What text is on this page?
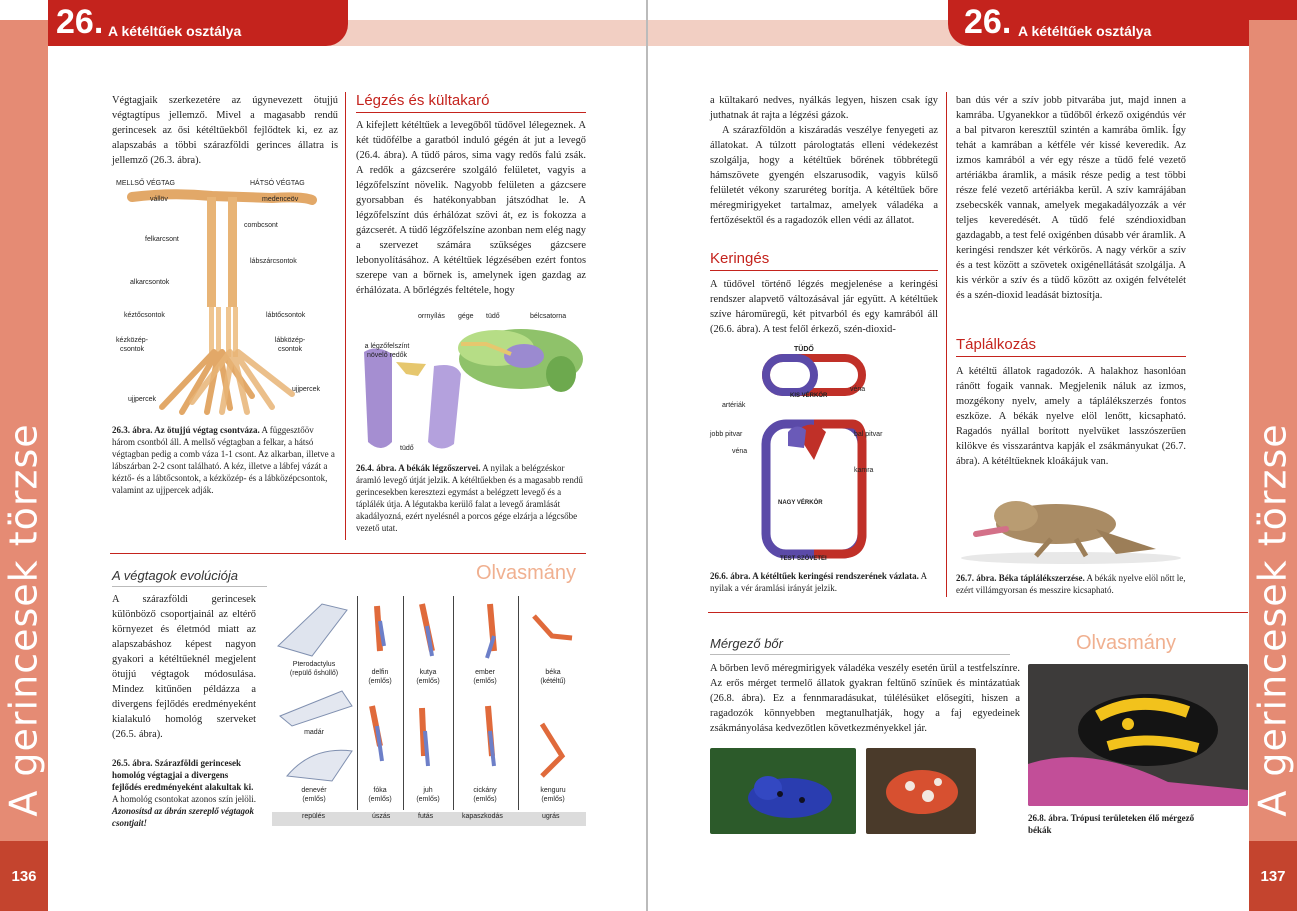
26. A kétéltűek osztálya
A gerincesek törzse
136
Végtagjaik szerkezetére az úgynevezett ötujjú végtagtípus jellemző. Mivel a magasabb rendű gerincesek az ősi kétéltűekből fejlődtek ki, ez az alapszabás a többi szárazföldi gerinces állatra is jellemző (26.3. ábra).
MELLSŐ VÉGTAG	HÁTSÓ VÉGTAG
vállöv	medenceöv
combcsont
felkarcsont
lábszárcsontok
alkarcsontok
kéztőcsontok	lábtőcsontok
kézközép-csontok
lábközép-csontok
ujjpercek
ujjpercek
26.3. ábra. Az ötujjú végtag csontváza. A függesztőöv három csontból áll. A mellső végtagban a felkar, a hátsó végtagban pedig a comb váza 1-1 csont. Az alkarban, illetve a lábszárban 2-2 csont található. A kéz, illetve a lábfej vázát a kéztő- és a lábtőcsontok, a kézközép- és a lábközépcsontok, valamint az ujjpercek adják.
Légzés és kültakaró
A kifejlett kétéltűek a levegőből tüdővel lélegeznek. A két tüdőfélbe a garatból induló gégén át jut a levegő (26.4. ábra). A tüdő páros, sima vagy redős falú zsák. A redők a gázcserére szolgáló felületet, vagyis a légzőfelszínt növelik. Nagyobb felületen a gázcsere gyorsabban és hatékonyabban játszódhat le. A légzőfelszínt dús érhálózat szövi át, ez is fokozza a gázcserét. A tüdő légzőfelszíne azonban nem elég nagy a szervezet számára szükséges gázcsere lebonyolításához. A kétéltűek légzésében ezért fontos szerepe van a bőrnek is, amelynek igen gazdag az érhálózata. A bőrlégzés feltétele, hogy
orrnyílás gége tüdő	bélcsatorna
a légzőfelszínt növelő redők
tüdő
26.4. ábra. A békák légzőszervei. A nyilak a belégzéskor áramló levegő útját jelzik. A kétéltűekben és a magasabb rendű gerincesekben keresztezi egymást a belégzett levegő és a táplálék útja. A légutakba kerülő falat a levegő áramlását akadályozná, ezért nyelésnél a porcos gége elzárja a légcsőbe vezető utat.
A végtagok evolúciója	Olvasmány
A szárazföldi gerincesek különböző csoportjainál az eltérő környezet és életmód miatt az alapszabáshoz képest nagyon gyakori a kétéltűeknél megjelent ötujjú végtagok módosulása. Mindez kitűnően példázza a divergens fejlődés eredményeként kialakuló homológ szerveket (26.5. ábra).
26.5. ábra. Szárazföldi gerincesek homológ végtagjai a divergens fejlődés eredményeként alakultak ki. A homológ csontokat azonos szín jelöli. Azonosítsd az ábrán szereplő végtagok csontjait!
Pterodactylus
(repülő őshüllő)	delfin
(emlős)
kutya
(emlős)
ember
(emlős)
béka
(kétéltű)
madár
denevér
(emlős)
fóka
(emlős)
juh
(emlős)
cickány
(emlős)
kenguru
(emlős)
repülés	úszás	futás	kapaszkodás	ugrás
26. A kétéltűek osztálya
A gerincesek törzse
137
a kültakaró nedves, nyálkás legyen, hiszen csak így juthatnak át rajta a légzési gázok.
A szárazföldön a kiszáradás veszélye fenyegeti az állatokat. A túlzott párologtatás elleni védekezést szolgálja, hogy a kétéltűek bőrének többrétegű hámszövete gyengén elszarusodik, vagyis külső felületét vékony szaruréteg borítja. A kétéltűek bőre méregmirigyeket tartalmaz, amelyek váladéka a fertőzésektől és a ragadozók ellen védi az állatot.
Keringés
A tüdővel történő légzés megjelenése a keringési rendszer alapvető változásával jár együtt. A kétéltűek szíve háromüregű, két pitvarból és egy kamrából áll (26.6. ábra). A test felől érkező, szén-dioxid-
TÜDŐ
KIS VÉRKÖR
véna
artériák
jobb pitvar	bal pitvar
véna
kamra
NAGY VÉRKÖR
TEST SZÖVETEI
26.6. ábra. A kétéltűek keringési rendszerének vázlata. A nyilak a vér áramlási irányát jelzik.
ban dús vér a szív jobb pitvarába jut, majd innen a kamrába. Ugyanekkor a tüdőből érkező oxigéndús vér a bal pitvaron keresztül szintén a kamrába ömlik. Így tehát a kamrában a kétféle vér kissé keveredik. Az izmos kamrából a vér egy része a tüdő felé vezető artériákba áramlik, a másik része pedig a test többi része felé vezető artériákba kerül. A szív kamrájában zsebecskék vannak, amelyek megakadályozzák a vér teljes keveredését. A tüdő felé széndioxidban gazdagabb, a test felé oxigénben dúsabb vér áramlik. A keringési rendszer két vérkörös. A nagy vérkör a szív és a test között a szövetek oxigénellátását szolgálja. A kis vérkör a szív és a tüdő között az oxigén felvételét és a szén-dioxid leadását biztosítja.
Táplálkozás
A kétéltű állatok ragadozók. A halakhoz hasonlóan ránőtt fogaik vannak. Megjelenik náluk az izmos, mozgékony nyelv, amely a táplálékszerzés fontos eszköze. A békák nyelve elöl lenőtt, kicsapható. Ragadós nyállal borított nyelvüket lasszószerűen kilökve és visszarántva kapják el zsákmányukat (26.7. ábra). A kétéltűeknek kloákájuk van.
26.7. ábra. Béka táplálékszerzése. A békák nyelve elöl nőtt le, ezért villámgyorsan és messzire kicsapható.
Mérgező bőr	Olvasmány
A bőrben levő méregmirigyek váladéka veszély esetén ürül a testfelszínre. Az erős mérget termelő állatok gyakran feltűnő színűek és mintázatúak (26.8. ábra). Ez a fennmaradásukat, túlélésüket elősegíti, hiszen a ragadozók könnyebben megtanulhatják, hogy a faj egyedeinek zsákmányolása kedvezőtlen következményekkel jár.
26.8. ábra. Trópusi területeken élő mérgező békák
